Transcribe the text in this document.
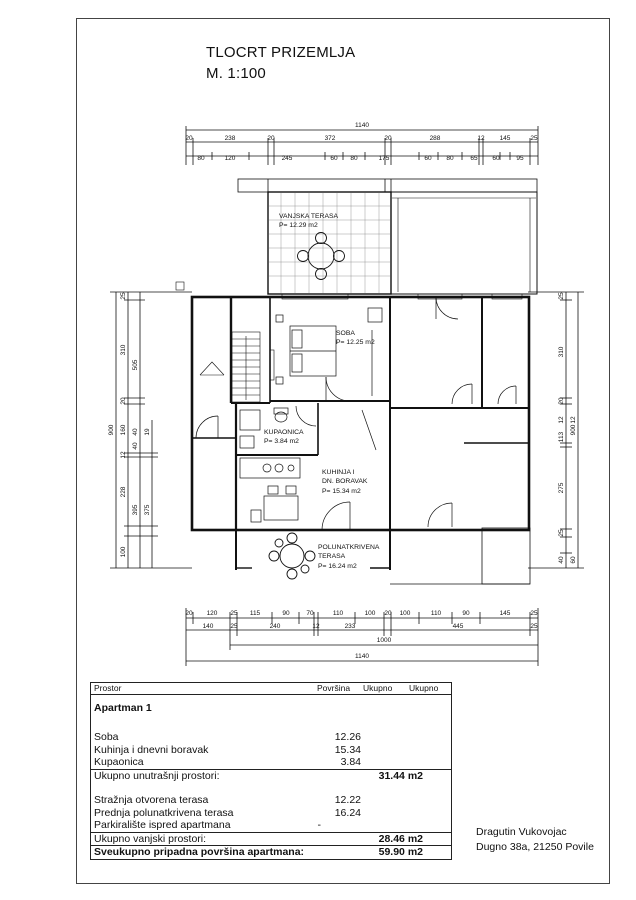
TLOCRT PRIZEMLJA
M. 1:100
1140
20	238	20	372	20	288	12 145	25
80	120	245	60 80	175	60 80	65 60	95
20 120 25 115	90	70	110	100 20 100	110	90	145	25
140	25	240	12	233	445	25
1000
1140
900
25
310
20
160
12
228
100
505
40 19
40
395 375
25
310
20
12
113
275
25
40
12
60
900
VANJSKA TERASA
P= 12.29 m2
SOBA
P= 12.25 m2
KUPAONICA
P= 3.84 m2
KUHINJA I
DN. BORAVAK
P= 15.34 m2
POLUNATKRIVENA
TERASA
P= 16.24 m2
Prostor	Površina Ukupno Ukupno
Apartman 1
Soba	12.26
Kuhinja i dnevni boravak	15.34
Kupaonica	3.84
Ukupno unutrašnji prostori:	31.44 m2
Stražnja otvorena terasa	12.22
Prednja polunatkrivena terasa	16.24
Parkiralište ispred apartmana	-
Ukupno vanjski prostori:	28.46 m2
Sveukupno pripadna površina apartmana:	59.90 m2
Dragutin Vukovojac
Dugno 38a, 21250 Povile
